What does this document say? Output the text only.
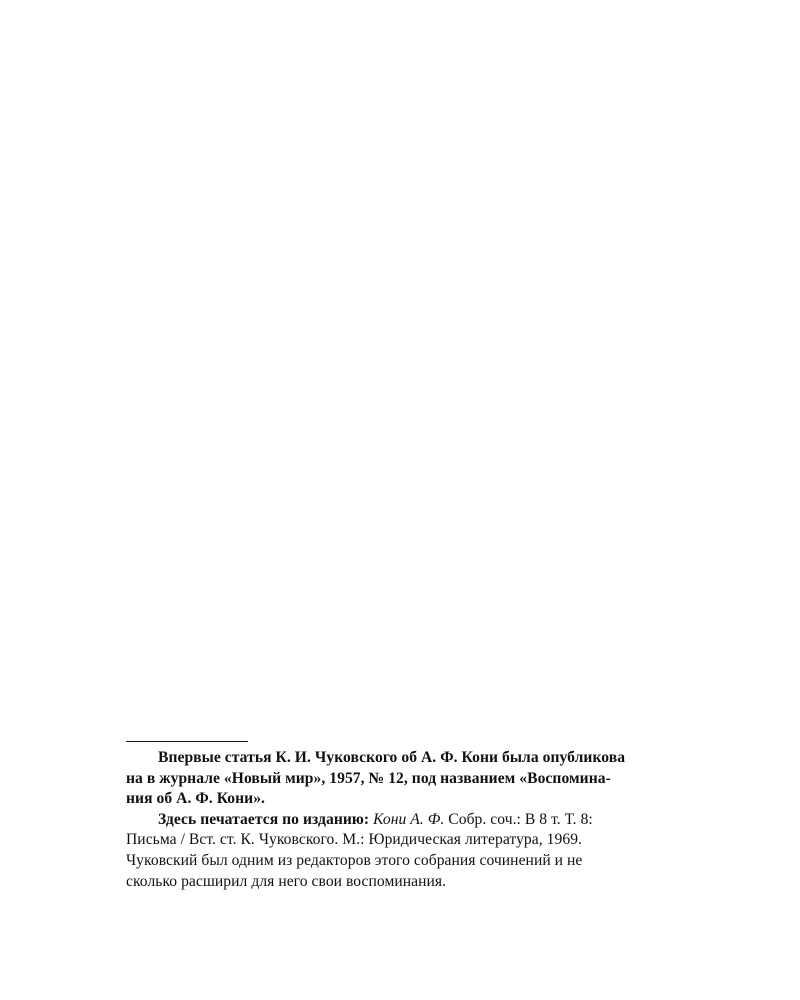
Впервые статья К. И. Чуковского об А. Ф. Кони была опубликова
на в журнале «Новый мир», 1957, № 12, под названием «Воспомина-
ния об А. Ф. Кони».
Здесь печатается по изданию: Кони А. Ф. Собр. соч.: В 8 т. Т. 8:
Письма / Вст. ст. К. Чуковского. М.: Юридическая литература, 1969.
Чуковский был одним из редакторов этого собрания сочинений и не
сколько расширил для него свои воспоминания.
